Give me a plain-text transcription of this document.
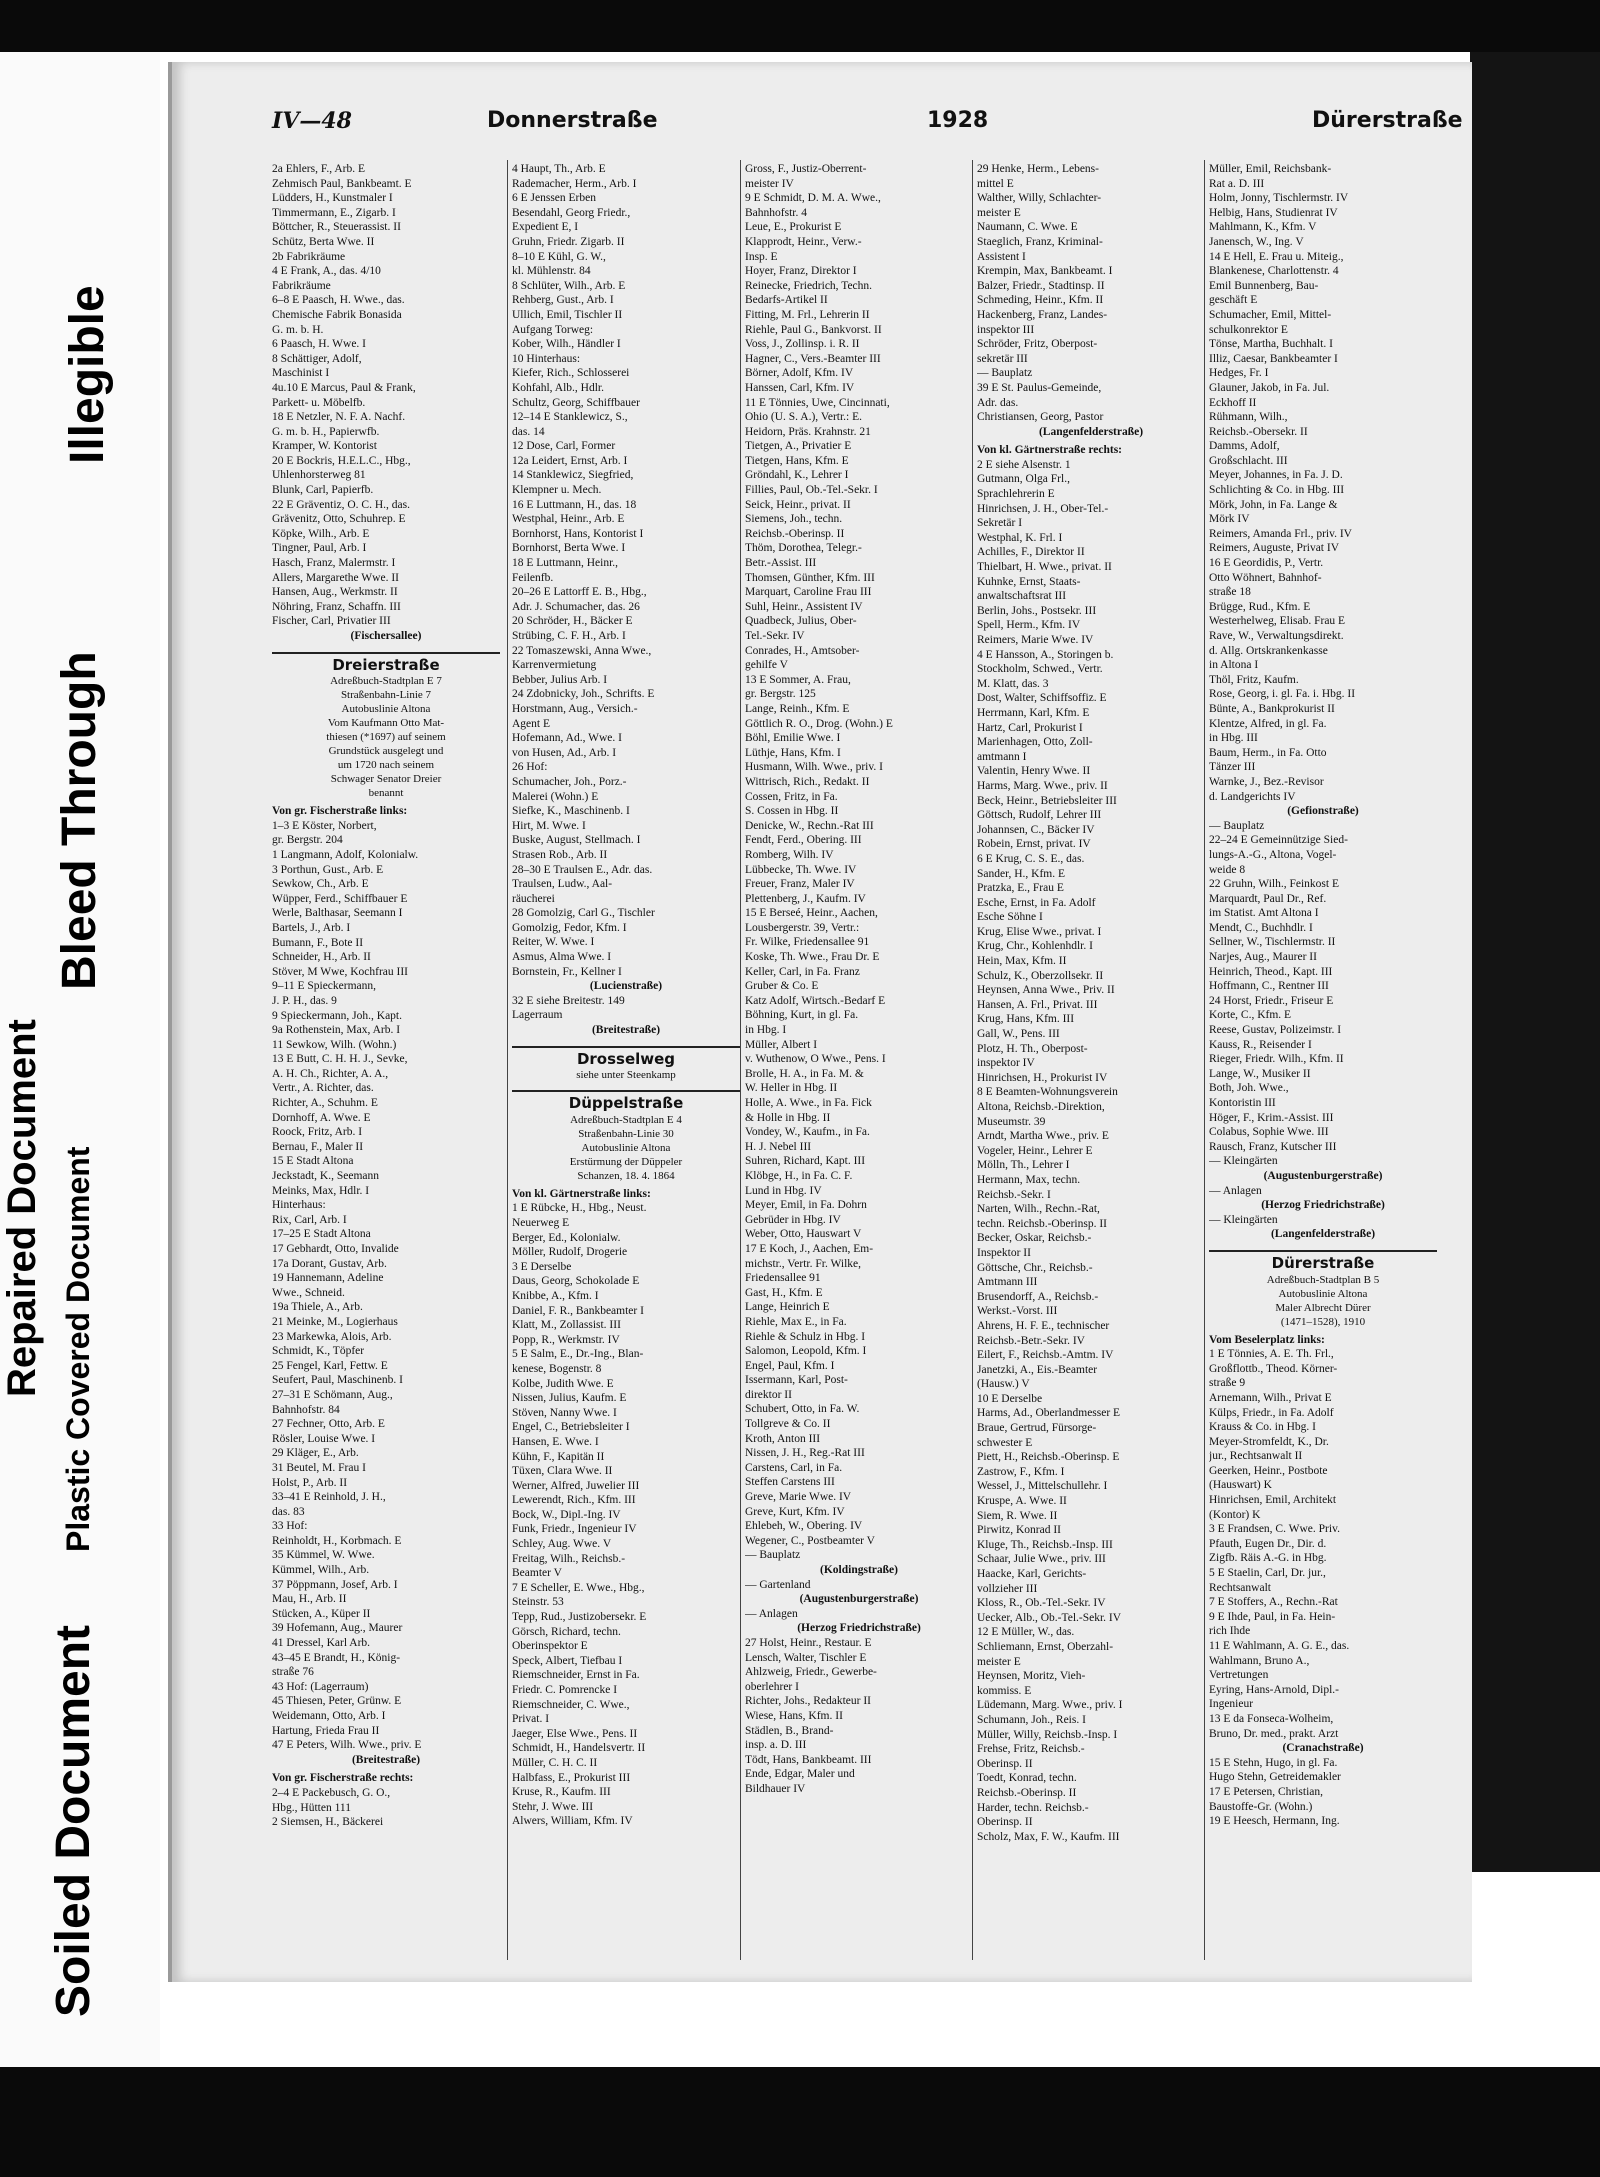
Soiled Document
Repaired Document Plastic Covered Document
Bleed Through
Illegible
IV—48	Donnerstraße	1928	Dürerstraße
2a Ehlers, F., Arb. E
Zehmisch Paul, Bankbeamt. E
Lüdders, H., Kunstmaler I
Timmermann, E., Zigarb. I
Böttcher, R., Steuerassist. II
Schütz, Berta Wwe. II
2b Fabrikräume
4 E Frank, A., das. 4/10
Fabrikräume
6–8 E Paasch, H. Wwe., das.
Chemische Fabrik Bonasida
G. m. b. H.
6 Paasch, H. Wwe. I
8 Schättiger, Adolf,
Maschinist I
4u.10 E Marcus, Paul & Frank,
Parkett- u. Möbelfb.
18 E Netzler, N. F. A. Nachf.
G. m. b. H., Papierwfb.
Kramper, W. Kontorist
20 E Bockris, H.E.L.C., Hbg.,
Uhlenhorsterweg 81
Blunk, Carl, Papierfb.
22 E Gräventiz, O. C. H., das.
Grävenitz, Otto, Schuhrep. E
Köpke, Wilh., Arb. E
Tingner, Paul, Arb. I
Hasch, Franz, Malermstr. I
Allers, Margarethe Wwe. II
Hansen, Aug., Werkmstr. II
Nöhring, Franz, Schaffn. III
Fischer, Carl, Privatier III
(Fischersallee)
Dreierstraße
Adreßbuch-Stadtplan E 7
Straßenbahn-Linie 7
Autobuslinie Altona
Vom Kaufmann Otto Mat-
thiesen (*1697) auf seinem
Grundstück ausgelegt und
um 1720 nach seinem
Schwager Senator Dreier
benannt
Von gr. Fischerstraße links:
1–3 E Köster, Norbert,
gr. Bergstr. 204
1 Langmann, Adolf, Kolonialw.
3 Porthun, Gust., Arb. E
Sewkow, Ch., Arb. E
Wüpper, Ferd., Schiffbauer E
Werle, Balthasar, Seemann I
Bartels, J., Arb. I
Bumann, F., Bote II
Schneider, H., Arb. II
Stöver, M Wwe, Kochfrau III
9–11 E Spieckermann,
J. P. H., das. 9
9 Spieckermann, Joh., Kapt.
9a Rothenstein, Max, Arb. I
11 Sewkow, Wilh. (Wohn.)
13 E Butt, C. H. H. J., Sevke,
A. H. Ch., Richter, A. A.,
Vertr., A. Richter, das.
Richter, A., Schuhm. E
Dornhoff, A. Wwe. E
Roock, Fritz, Arb. I
Bernau, F., Maler II
15 E Stadt Altona
Jeckstadt, K., Seemann
Meinks, Max, Hdlr. I
Hinterhaus:
Rix, Carl, Arb. I
17–25 E Stadt Altona
17 Gebhardt, Otto, Invalide
17a Dorant, Gustav, Arb.
19 Hannemann, Adeline
Wwe., Schneid.
19a Thiele, A., Arb.
21 Meinke, M., Logierhaus
23 Markewka, Alois, Arb.
Schmidt, K., Töpfer
25 Fengel, Karl, Fettw. E
Seufert, Paul, Maschinenb. I
27–31 E Schömann, Aug.,
Bahnhofstr. 84
27 Fechner, Otto, Arb. E
Rösler, Louise Wwe. I
29 Kläger, E., Arb.
31 Beutel, M. Frau I
Holst, P., Arb. II
33–41 E Reinhold, J. H.,
das. 83
33 Hof:
Reinholdt, H., Korbmach. E
35 Kümmel, W. Wwe.
Kümmel, Wilh., Arb.
37 Pöppmann, Josef, Arb. I
Mau, H., Arb. II
Stücken, A., Küper II
39 Hofemann, Aug., Maurer
41 Dressel, Karl Arb.
43–45 E Brandt, H., König-
straße 76
43 Hof: (Lagerraum)
45 Thiesen, Peter, Grünw. E
Weidemann, Otto, Arb. I
Hartung, Frieda Frau II
47 E Peters, Wilh. Wwe., priv. E
(Breitestraße)
Von gr. Fischerstraße rechts:
2–4 E Packebusch, G. O.,
Hbg., Hütten 111
2 Siemsen, H., Bäckerei
4 Haupt, Th., Arb. E
Rademacher, Herm., Arb. I
6 E Jenssen Erben
Besendahl, Georg Friedr.,
Expedient E, I
Gruhn, Friedr. Zigarb. II
8–10 E Kühl, G. W.,
kl. Mühlenstr. 84
8 Schlüter, Wilh., Arb. E
Rehberg, Gust., Arb. I
Ullich, Emil, Tischler II
Aufgang Torweg:
Kober, Wilh., Händler I
10 Hinterhaus:
Kiefer, Rich., Schlosserei
Kohfahl, Alb., Hdlr.
Schultz, Georg, Schiffbauer
12–14 E Stanklewicz, S.,
das. 14
12 Dose, Carl, Former
12a Leidert, Ernst, Arb. I
14 Stanklewicz, Siegfried,
Klempner u. Mech.
16 E Luttmann, H., das. 18
Westphal, Heinr., Arb. E
Bornhorst, Hans, Kontorist I
Bornhorst, Berta Wwe. I
18 E Luttmann, Heinr.,
Feilenfb.
20–26 E Lattorff E. B., Hbg.,
Adr. J. Schumacher, das. 26
20 Schröder, H., Bäcker E
Strübing, C. F. H., Arb. I
22 Tomaszewski, Anna Wwe.,
Karrenvermietung
Bebber, Julius Arb. I
24 Zdobnicky, Joh., Schrifts. E
Horstmann, Aug., Versich.-
Agent E
Hofemann, Ad., Wwe. I
von Husen, Ad., Arb. I
26 Hof:
Schumacher, Joh., Porz.-
Malerei (Wohn.) E
Siefke, K., Maschinenb. I
Hirt, M. Wwe. I
Buske, August, Stellmach. I
Strasen Rob., Arb. II
28–30 E Traulsen E., Adr. das.
Traulsen, Ludw., Aal-
räucherei
28 Gomolzig, Carl G., Tischler
Gomolzig, Fedor, Kfm. I
Reiter, W. Wwe. I
Asmus, Alma Wwe. I
Bornstein, Fr., Kellner I
(Lucienstraße)
32 E siehe Breitestr. 149
Lagerraum
(Breitestraße)
Drosselweg
siehe unter Steenkamp
Düppelstraße
Adreßbuch-Stadtplan E 4
Straßenbahn-Linie 30
Autobuslinie Altona
Erstürmung der Düppeler
Schanzen, 18. 4. 1864
Von kl. Gärtnerstraße links:
1 E Rübcke, H., Hbg., Neust.
Neuerweg E
Berger, Ed., Kolonialw.
Möller, Rudolf, Drogerie
3 E Derselbe
Daus, Georg, Schokolade E
Knibbe, A., Kfm. I
Daniel, F. R., Bankbeamter I
Klatt, M., Zollassist. III
Popp, R., Werkmstr. IV
5 E Salm, E., Dr.-Ing., Blan-
kenese, Bogenstr. 8
Kolbe, Judith Wwe. E
Nissen, Julius, Kaufm. E
Stöven, Nanny Wwe. I
Engel, C., Betriebsleiter I
Hansen, E. Wwe. I
Kühn, F., Kapitän II
Tüxen, Clara Wwe. II
Werner, Alfred, Juwelier III
Lewerendt, Rich., Kfm. III
Bock, W., Dipl.-Ing. IV
Funk, Friedr., Ingenieur IV
Schley, Aug. Wwe. V
Freitag, Wilh., Reichsb.-
Beamter V
7 E Scheller, E. Wwe., Hbg.,
Steinstr. 53
Tepp, Rud., Justizobersekr. E
Görsch, Richard, techn.
Oberinspektor E
Speck, Albert, Tiefbau I
Riemschneider, Ernst in Fa.
Friedr. C. Pomrencke I
Riemschneider, C. Wwe.,
Privat. I
Jaeger, Else Wwe., Pens. II
Schmidt, H., Handelsvertr. II
Müller, C. H. C. II
Halbfass, E., Prokurist III
Kruse, R., Kaufm. III
Stehr, J. Wwe. III
Alwers, William, Kfm. IV
Gross, F., Justiz-Oberrent-
meister IV
9 E Schmidt, D. M. A. Wwe.,
Bahnhofstr. 4
Leue, E., Prokurist E
Klapprodt, Heinr., Verw.-
Insp. E
Hoyer, Franz, Direktor I
Reinecke, Friedrich, Techn.
Bedarfs-Artikel II
Fitting, M. Frl., Lehrerin II
Riehle, Paul G., Bankvorst. II
Voss, J., Zollinsp. i. R. II
Hagner, C., Vers.-Beamter III
Börner, Adolf, Kfm. IV
Hanssen, Carl, Kfm. IV
11 E Tönnies, Uwe, Cincinnati,
Ohio (U. S. A.), Vertr.: E.
Heidorn, Präs. Krahnstr. 21
Tietgen, A., Privatier E
Tietgen, Hans, Kfm. E
Gröndahl, K., Lehrer I
Fillies, Paul, Ob.-Tel.-Sekr. I
Seick, Heinr., privat. II
Siemens, Joh., techn.
Reichsb.-Oberinsp. II
Thöm, Dorothea, Telegr.-
Betr.-Assist. III
Thomsen, Günther, Kfm. III
Marquart, Caroline Frau III
Suhl, Heinr., Assistent IV
Quadbeck, Julius, Ober-
Tel.-Sekr. IV
Conrades, H., Amtsober-
gehilfe V
13 E Sommer, A. Frau,
gr. Bergstr. 125
Lange, Reinh., Kfm. E
Göttlich R. O., Drog. (Wohn.) E
Böhl, Emilie Wwe. I
Lüthje, Hans, Kfm. I
Husmann, Wilh. Wwe., priv. I
Wittrisch, Rich., Redakt. II
Cossen, Fritz, in Fa.
S. Cossen in Hbg. II
Denicke, W., Rechn.-Rat III
Fendt, Ferd., Obering. III
Romberg, Wilh. IV
Lübbecke, Th. Wwe. IV
Freuer, Franz, Maler IV
Plettenberg, J., Kaufm. IV
15 E Berseé, Heinr., Aachen,
Lousbergerstr. 39, Vertr.:
Fr. Wilke, Friedensallee 91
Koske, Th. Wwe., Frau Dr. E
Keller, Carl, in Fa. Franz
Gruber & Co. E
Katz Adolf, Wirtsch.-Bedarf E
Böhning, Kurt, in gl. Fa.
in Hbg. I
Müller, Albert I
v. Wuthenow, O Wwe., Pens. I
Brolle, H. A., in Fa. M. &
W. Heller in Hbg. II
Holle, A. Wwe., in Fa. Fick
& Holle in Hbg. II
Vondey, W., Kaufm., in Fa.
H. J. Nebel III
Suhren, Richard, Kapt. III
Klöbge, H., in Fa. C. F.
Lund in Hbg. IV
Meyer, Emil, in Fa. Dohrn
Gebrüder in Hbg. IV
Weber, Otto, Hauswart V
17 E Koch, J., Aachen, Em-
michstr., Vertr. Fr. Wilke,
Friedensallee 91
Gast, H., Kfm. E
Lange, Heinrich E
Riehle, Max E., in Fa.
Riehle & Schulz in Hbg. I
Salomon, Leopold, Kfm. I
Engel, Paul, Kfm. I
Issermann, Karl, Post-
direktor II
Schubert, Otto, in Fa. W.
Tollgreve & Co. II
Kroth, Anton III
Nissen, J. H., Reg.-Rat III
Carstens, Carl, in Fa.
Steffen Carstens III
Greve, Marie Wwe. IV
Greve, Kurt, Kfm. IV
Ehlebeh, W., Obering. IV
Wegener, C., Postbeamter V
— Bauplatz
(Koldingstraße)
— Gartenland
(Augustenburgerstraße)
— Anlagen
(Herzog Friedrichstraße)
27 Holst, Heinr., Restaur. E
Lensch, Walter, Tischler E
Ahlzweig, Friedr., Gewerbe-
oberlehrer I
Richter, Johs., Redakteur II
Wiese, Hans, Kfm. II
Städlen, B., Brand-
insp. a. D. III
Tödt, Hans, Bankbeamt. III
Ende, Edgar, Maler und
Bildhauer IV
29 Henke, Herm., Lebens-
mittel E
Walther, Willy, Schlachter-
meister E
Naumann, C. Wwe. E
Staeglich, Franz, Kriminal-
Assistent I
Krempin, Max, Bankbeamt. I
Balzer, Friedr., Stadtinsp. II
Schmeding, Heinr., Kfm. II
Hackenberg, Franz, Landes-
inspektor III
Schröder, Fritz, Oberpost-
sekretär III
— Bauplatz
39 E St. Paulus-Gemeinde,
Adr. das.
Christiansen, Georg, Pastor
(Langenfelderstraße)
Von kl. Gärtnerstraße rechts:
2 E siehe Alsenstr. 1
Gutmann, Olga Frl.,
Sprachlehrerin E
Hinrichsen, J. H., Ober-Tel.-
Sekretär I
Westphal, K. Frl. I
Achilles, F., Direktor II
Thielbart, H. Wwe., privat. II
Kuhnke, Ernst, Staats-
anwaltschaftsrat III
Berlin, Johs., Postsekr. III
Spell, Herm., Kfm. IV
Reimers, Marie Wwe. IV
4 E Hansson, A., Storingen b.
Stockholm, Schwed., Vertr.
M. Klatt, das. 3
Dost, Walter, Schiffsoffiz. E
Herrmann, Karl, Kfm. E
Hartz, Carl, Prokurist I
Marienhagen, Otto, Zoll-
amtmann I
Valentin, Henry Wwe. II
Harms, Marg. Wwe., priv. II
Beck, Heinr., Betriebsleiter III
Göttsch, Rudolf, Lehrer III
Johannsen, C., Bäcker IV
Robein, Ernst, privat. IV
6 E Krug, C. S. E., das.
Sander, H., Kfm. E
Pratzka, E., Frau E
Esche, Ernst, in Fa. Adolf
Esche Söhne I
Krug, Elise Wwe., privat. I
Krug, Chr., Kohlenhdlr. I
Hein, Max, Kfm. II
Schulz, K., Oberzollsekr. II
Heynsen, Anna Wwe., Priv. II
Hansen, A. Frl., Privat. III
Krug, Hans, Kfm. III
Gall, W., Pens. III
Plotz, H. Th., Oberpost-
inspektor IV
Hinrichsen, H., Prokurist IV
8 E Beamten-Wohnungsverein
Altona, Reichsb.-Direktion,
Museumstr. 39
Arndt, Martha Wwe., priv. E
Vogeler, Heinr., Lehrer E
Mölln, Th., Lehrer I
Hermann, Max, techn.
Reichsb.-Sekr. I
Narten, Wilh., Rechn.-Rat,
techn. Reichsb.-Oberinsp. II
Becker, Oskar, Reichsb.-
Inspektor II
Göttsche, Chr., Reichsb.-
Amtmann III
Brusendorff, A., Reichsb.-
Werkst.-Vorst. III
Ahrens, H. F. E., technischer
Reichsb.-Betr.-Sekr. IV
Eilert, F., Reichsb.-Amtm. IV
Janetzki, A., Eis.-Beamter
(Hausw.) V
10 E Derselbe
Harms, Ad., Oberlandmesser E
Braue, Gertrud, Fürsorge-
schwester E
Piett, H., Reichsb.-Oberinsp. E
Zastrow, F., Kfm. I
Wessel, J., Mittelschullehr. I
Kruspe, A. Wwe. II
Siem, R. Wwe. II
Pirwitz, Konrad II
Kluge, Th., Reichsb.-Insp. III
Schaar, Julie Wwe., priv. III
Haacke, Karl, Gerichts-
vollzieher III
Kloss, R., Ob.-Tel.-Sekr. IV
Uecker, Alb., Ob.-Tel.-Sekr. IV
12 E Müller, W., das.
Schliemann, Ernst, Oberzahl-
meister E
Heynsen, Moritz, Vieh-
kommiss. E
Lüdemann, Marg. Wwe., priv. I
Schumann, Joh., Reis. I
Müller, Willy, Reichsb.-Insp. I
Frehse, Fritz, Reichsb.-
Oberinsp. II
Toedt, Konrad, techn.
Reichsb.-Oberinsp. II
Harder, techn. Reichsb.-
Oberinsp. II
Scholz, Max, F. W., Kaufm. III
Müller, Emil, Reichsbank-
Rat a. D. III
Holm, Jonny, Tischlermstr. IV
Helbig, Hans, Studienrat IV
Mahlmann, K., Kfm. V
Janensch, W., Ing. V
14 E Hell, E. Frau u. Miteig.,
Blankenese, Charlottenstr. 4
Emil Bunnenberg, Bau-
geschäft E
Schumacher, Emil, Mittel-
schulkonrektor E
Tönse, Martha, Buchhalt. I
Illiz, Caesar, Bankbeamter I
Hedges, Fr. I
Glauner, Jakob, in Fa. Jul.
Eckhoff II
Rühmann, Wilh.,
Reichsb.-Obersekr. II
Damms, Adolf,
Großschlacht. III
Meyer, Johannes, in Fa. J. D.
Schlichting & Co. in Hbg. III
Mörk, John, in Fa. Lange &
Mörk IV
Reimers, Amanda Frl., priv. IV
Reimers, Auguste, Privat IV
16 E Geordidis, P., Vertr.
Otto Wöhnert, Bahnhof-
straße 18
Brügge, Rud., Kfm. E
Westerhelweg, Elisab. Frau E
Rave, W., Verwaltungsdirekt.
d. Allg. Ortskrankenkasse
in Altona I
Thöl, Fritz, Kaufm.
Rose, Georg, i. gl. Fa. i. Hbg. II
Bünte, A., Bankprokurist II
Klentze, Alfred, in gl. Fa.
in Hbg. III
Baum, Herm., in Fa. Otto
Tänzer III
Warnke, J., Bez.-Revisor
d. Landgerichts IV
(Gefionstraße)
— Bauplatz
22–24 E Gemeinnützige Sied-
lungs-A.-G., Altona, Vogel-
weide 8
22 Gruhn, Wilh., Feinkost E
Marquardt, Paul Dr., Ref.
im Statist. Amt Altona I
Mendt, C., Buchhdlr. I
Sellner, W., Tischlermstr. II
Narjes, Aug., Maurer II
Heinrich, Theod., Kapt. III
Hoffmann, C., Rentner III
24 Horst, Friedr., Friseur E
Korte, C., Kfm. E
Reese, Gustav, Polizeimstr. I
Kauss, R., Reisender I
Rieger, Friedr. Wilh., Kfm. II
Lange, W., Musiker II
Both, Joh. Wwe.,
Kontoristin III
Höger, F., Krim.-Assist. III
Colabus, Sophie Wwe. III
Rausch, Franz, Kutscher III
— Kleingärten
(Augustenburgerstraße)
— Anlagen
(Herzog Friedrichstraße)
— Kleingärten
(Langenfelderstraße)
Dürerstraße
Adreßbuch-Stadtplan B 5
Autobuslinie Altona
Maler Albrecht Dürer
(1471–1528), 1910
Vom Beselerplatz links:
1 E Tönnies, A. E. Th. Frl.,
Großflottb., Theod. Körner-
straße 9
Arnemann, Wilh., Privat E
Külps, Friedr., in Fa. Adolf
Krauss & Co. in Hbg. I
Meyer-Stromfeldt, K., Dr.
jur., Rechtsanwalt II
Geerken, Heinr., Postbote
(Hauswart) K
Hinrichsen, Emil, Architekt
(Kontor) K
3 E Frandsen, C. Wwe. Priv.
Pfauth, Eugen Dr., Dir. d.
Zigfb. Räis A.-G. in Hbg.
5 E Staelin, Carl, Dr. jur.,
Rechtsanwalt
7 E Stoffers, A., Rechn.-Rat
9 E Ihde, Paul, in Fa. Hein-
rich Ihde
11 E Wahlmann, A. G. E., das.
Wahlmann, Bruno A.,
Vertretungen
Eyring, Hans-Arnold, Dipl.-
Ingenieur
13 E da Fonseca-Wolheim,
Bruno, Dr. med., prakt. Arzt
(Cranachstraße)
15 E Stehn, Hugo, in gl. Fa.
Hugo Stehn, Getreidemakler
17 E Petersen, Christian,
Baustoffe-Gr. (Wohn.)
19 E Heesch, Hermann, Ing.
